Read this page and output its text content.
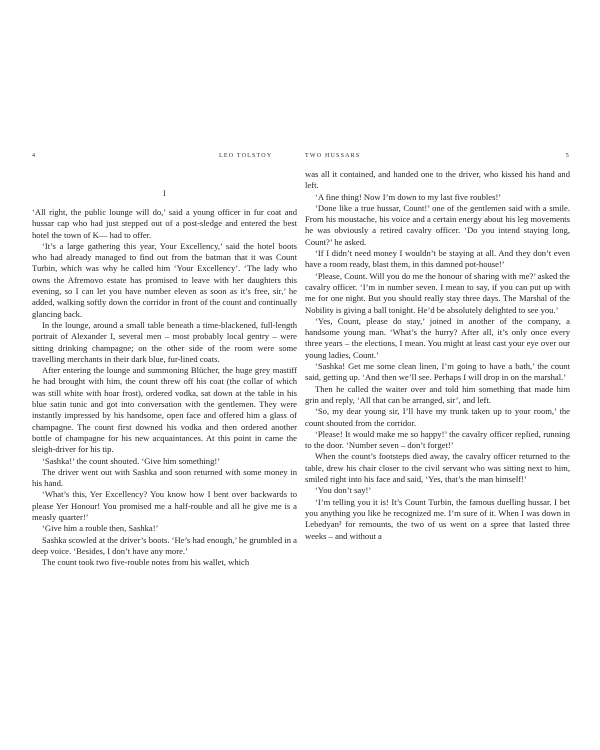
4	LEO TOLSTOY
I

‘All right, the public lounge will do,’ said a young officer in fur coat and hussar cap who had just stepped out of a post-sledge and entered the best hotel the town of K— had to offer.

‘It’s a large gathering this year, Your Excellency,’ said the hotel boots who had already managed to find out from the batman that it was Count Turbin, which was why he called him ‘Your Excellency’. ‘The lady who owns the Afremovo estate has promised to leave with her daughters this evening, so I can let you have number eleven as soon as it’s free, sir,’ he added, walking softly down the corridor in front of the count and continually glancing back.

In the lounge, around a small table beneath a time-blackened, full-length portrait of Alexander I, several men – most probably local gentry – were sitting drinking champagne; on the other side of the room were some travelling merchants in their dark blue, fur-lined coats.

After entering the lounge and summoning Blücher, the huge grey mastiff he had brought with him, the count threw off his coat (the collar of which was still white with hoar frost), ordered vodka, sat down at the table in his blue satin tunic and got into conversation with the gentlemen. They were instantly impressed by his handsome, open face and offered him a glass of champagne. The count first downed his vodka and then ordered another bottle of champagne for his new acquaintances. At this point in came the sleigh-driver for his tip.

‘Sashka!’ the count shouted. ‘Give him something!’

The driver went out with Sashka and soon returned with some money in his hand.

‘What’s this, Yer Excellency? You know how I bent over backwards to please Yer Honour! You promised me a half-rouble and all he give me is a measly quarter!’

‘Give him a rouble then, Sashka!’

Sashka scowled at the driver’s boots. ‘He’s had enough,’ he grumbled in a deep voice. ‘Besides, I don’t have any more.’

The count took two five-rouble notes from his wallet, which

TWO HUSSARS	5

was all it contained, and handed one to the driver, who kissed his hand and left.

‘A fine thing! Now I’m down to my last five roubles!’

‘Done like a true hussar, Count!’ one of the gentlemen said with a smile. From his moustache, his voice and a certain energy about his leg movements he was obviously a retired cavalry officer. ‘Do you intend staying long, Count?’ he asked.

‘If I didn’t need money I wouldn’t be staying at all. And they don’t even have a room ready, blast them, in this damned pot-house!’

‘Please, Count. Will you do me the honour of sharing with me?’ asked the cavalry officer. ‘I’m in number seven. I mean to say, if you can put up with me for one night. But you should really stay three days. The Marshal of the Nobility is giving a ball tonight. He’d be absolutely delighted to see you.’

‘Yes, Count, please do stay,’ joined in another of the company, a handsome young man. ‘What’s the hurry? After all, it’s only once every three years – the elections, I mean. You might at least cast your eye over our young ladies, Count.’

‘Sashka! Get me some clean linen, I’m going to have a bath,’ the count said, getting up. ‘And then we’ll see. Perhaps I will drop in on the marshal.’

Then he called the waiter over and told him something that made him grin and reply, ‘All that can be arranged, sir’, and left.

‘So, my dear young sir, I’ll have my trunk taken up to your room,’ the count shouted from the corridor.

‘Please! It would make me so happy!’ the cavalry officer replied, running to the door. ‘Number seven – don’t forget!’

When the count’s footsteps died away, the cavalry officer returned to the table, drew his chair closer to the civil servant who was sitting next to him, smiled right into his face and said, ‘Yes, that’s the man himself!’

‘You don’t say!’

‘I’m telling you it is! It’s Count Turbin, the famous duelling hussar. I bet you anything you like he recognized me. I’m sure of it. When I was down in Lebedyan³ for remounts, the two of us went on a spree that lasted three weeks – and without a
